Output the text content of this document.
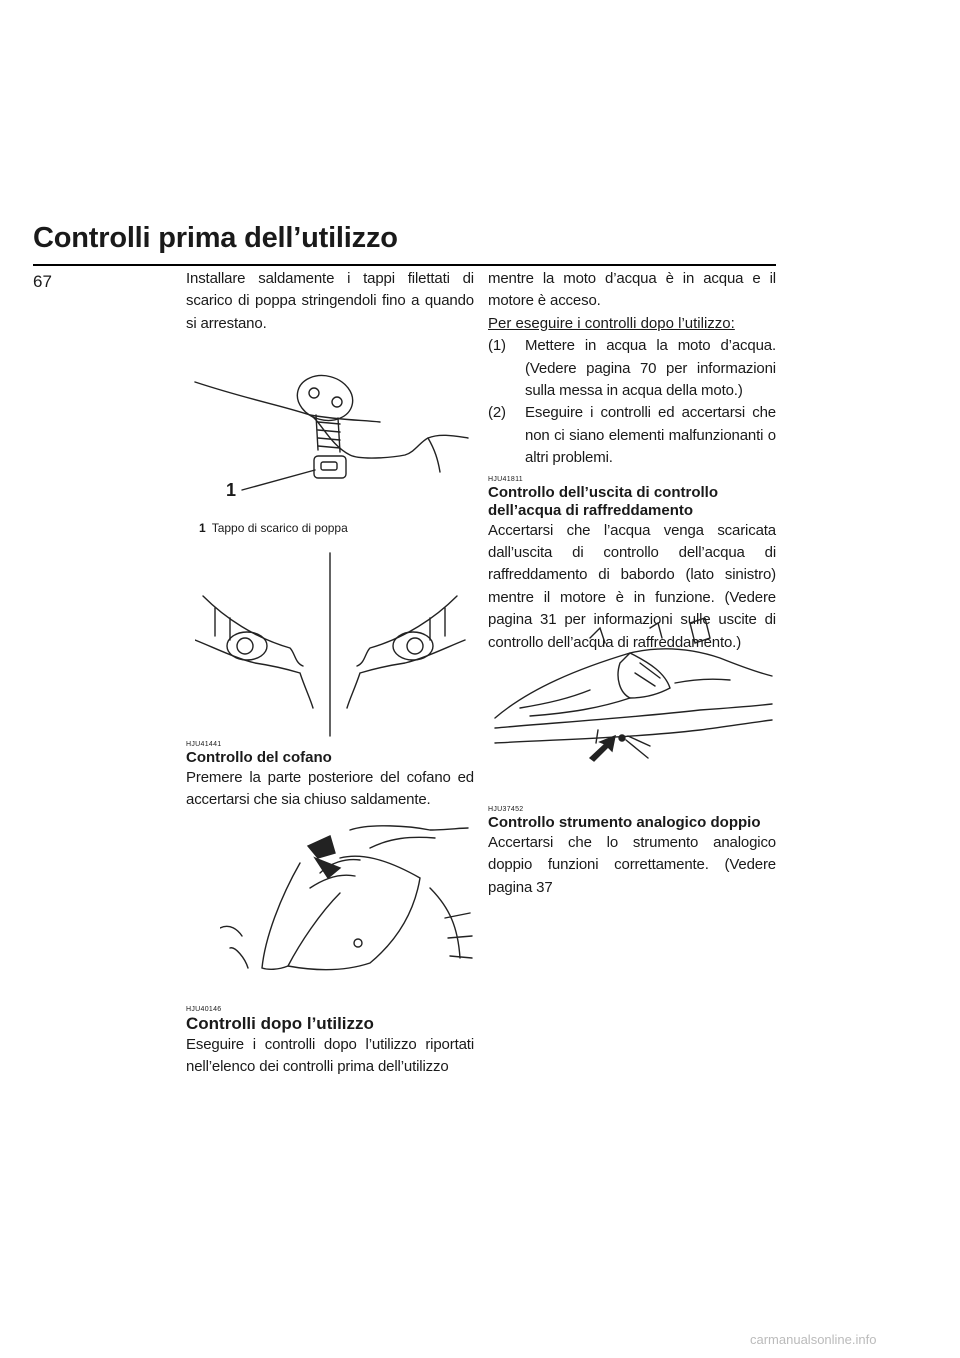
Controlli prima dell’utilizzo
67	Installare saldamente i tappi filettati di scarico di poppa stringendoli fino a quando si arrestano.

1
1 Tappo di scarico di poppa

HJU41441

Controllo del cofano

Premere la parte posteriore del cofano ed accertarsi che sia chiuso saldamente.

HJU40146

Controlli dopo l’utilizzo

Eseguire i controlli dopo l’utilizzo riportati nell’elenco dei controlli prima dell’utilizzo

mentre la moto d’acqua è in acqua e il motore è acceso.

Per eseguire i controlli dopo l’utilizzo:

(1) Mettere in acqua la moto d’acqua. (Vedere pagina 70 per informazioni sulla messa in acqua della moto.)
(2) Eseguire i controlli ed accertarsi che non ci siano elementi malfunzionanti o altri problemi.

HJU41811

Controllo dell’uscita di controllo dell’acqua di raffreddamento

Accertarsi che l’acqua venga scaricata dall’uscita di controllo dell’acqua di raffreddamento di babordo (lato sinistro) mentre il motore è in funzione. (Vedere pagina 31 per informazioni sulle uscite di controllo dell’acqua di raffreddamento.)

HJU37452

Controllo strumento analogico doppio

Accertarsi che lo strumento analogico doppio funzioni correttamente. (Vedere pagina 37

carmanualsonline.info
